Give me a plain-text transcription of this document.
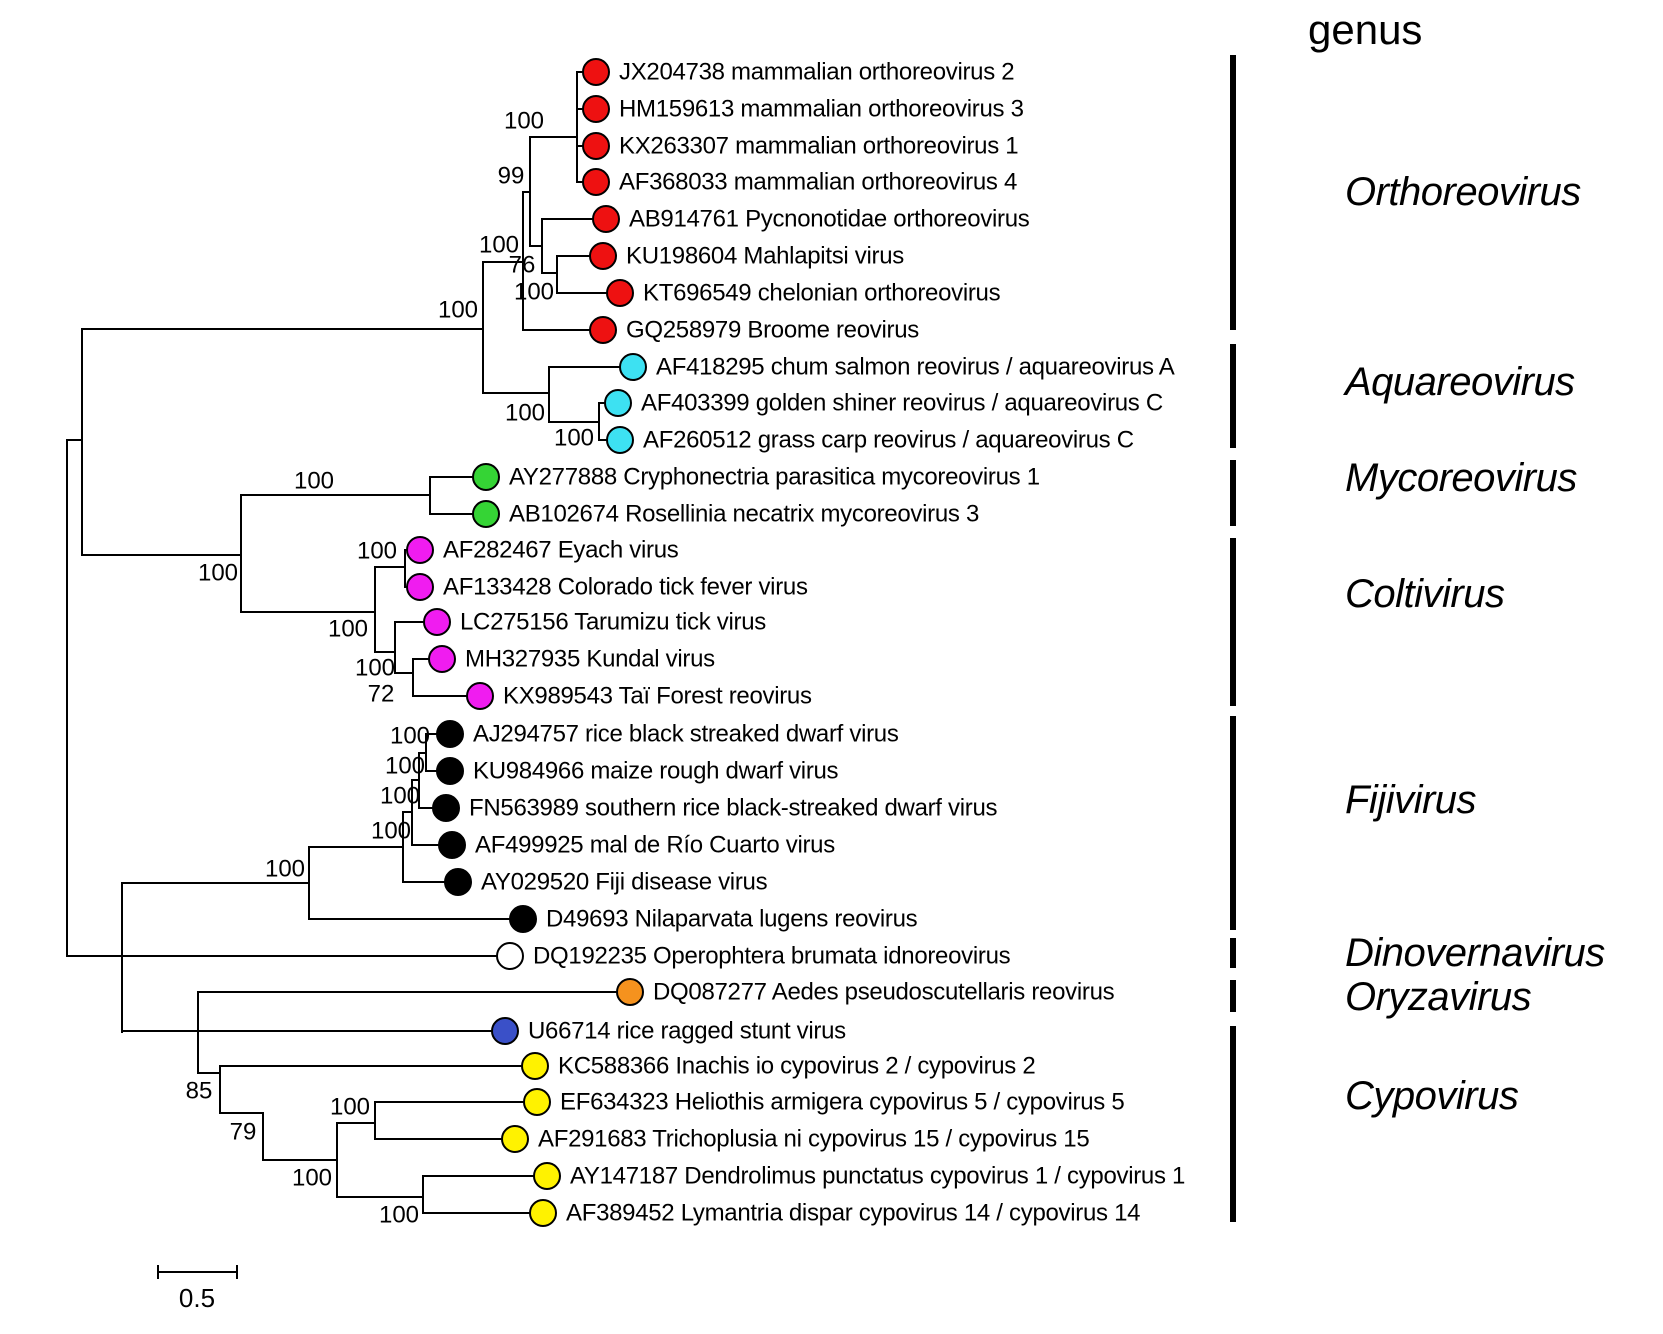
genus
JX204738 mammalian orthoreovirus 2
HM159613 mammalian orthoreovirus 3
KX263307 mammalian orthoreovirus 1
AF368033 mammalian orthoreovirus 4
AB914761 Pycnonotidae orthoreovirus
KU198604 Mahlapitsi virus
KT696549 chelonian orthoreovirus
GQ258979 Broome reovirus
AF418295 chum salmon reovirus / aquareovirus A
AF403399 golden shiner reovirus / aquareovirus C
AF260512 grass carp reovirus / aquareovirus C
AY277888 Cryphonectria parasitica mycoreovirus 1
AB102674 Rosellinia necatrix mycoreovirus 3
AF282467 Eyach virus
AF133428 Colorado tick fever virus
LC275156 Tarumizu tick virus
MH327935 Kundal virus
KX989543 Taï Forest reovirus
AJ294757 rice black streaked dwarf virus
KU984966 maize rough dwarf virus
FN563989 southern rice black-streaked dwarf virus
AF499925 mal de Río Cuarto virus
AY029520 Fiji disease virus
D49693 Nilaparvata lugens reovirus
DQ192235 Operophtera brumata idnoreovirus
DQ087277 Aedes pseudoscutellaris reovirus
U66714 rice ragged stunt virus
KC588366 Inachis io cypovirus 2 / cypovirus 2
EF634323 Heliothis armigera cypovirus 5 / cypovirus 5
AF291683 Trichoplusia ni cypovirus 15 / cypovirus 15
AY147187 Dendrolimus punctatus cypovirus 1 / cypovirus 1
AF389452 Lymantria dispar cypovirus 14 / cypovirus 14
100
99
100
76
100
100
100
100
100
100
100
100
100
72
100
100
100
100
85
79
100
100
100
100
Orthoreovirus
Aquareovirus
Mycoreovirus
Coltivirus
Fijivirus
Dinovernavirus
Oryzavirus
Cypovirus
0.5
